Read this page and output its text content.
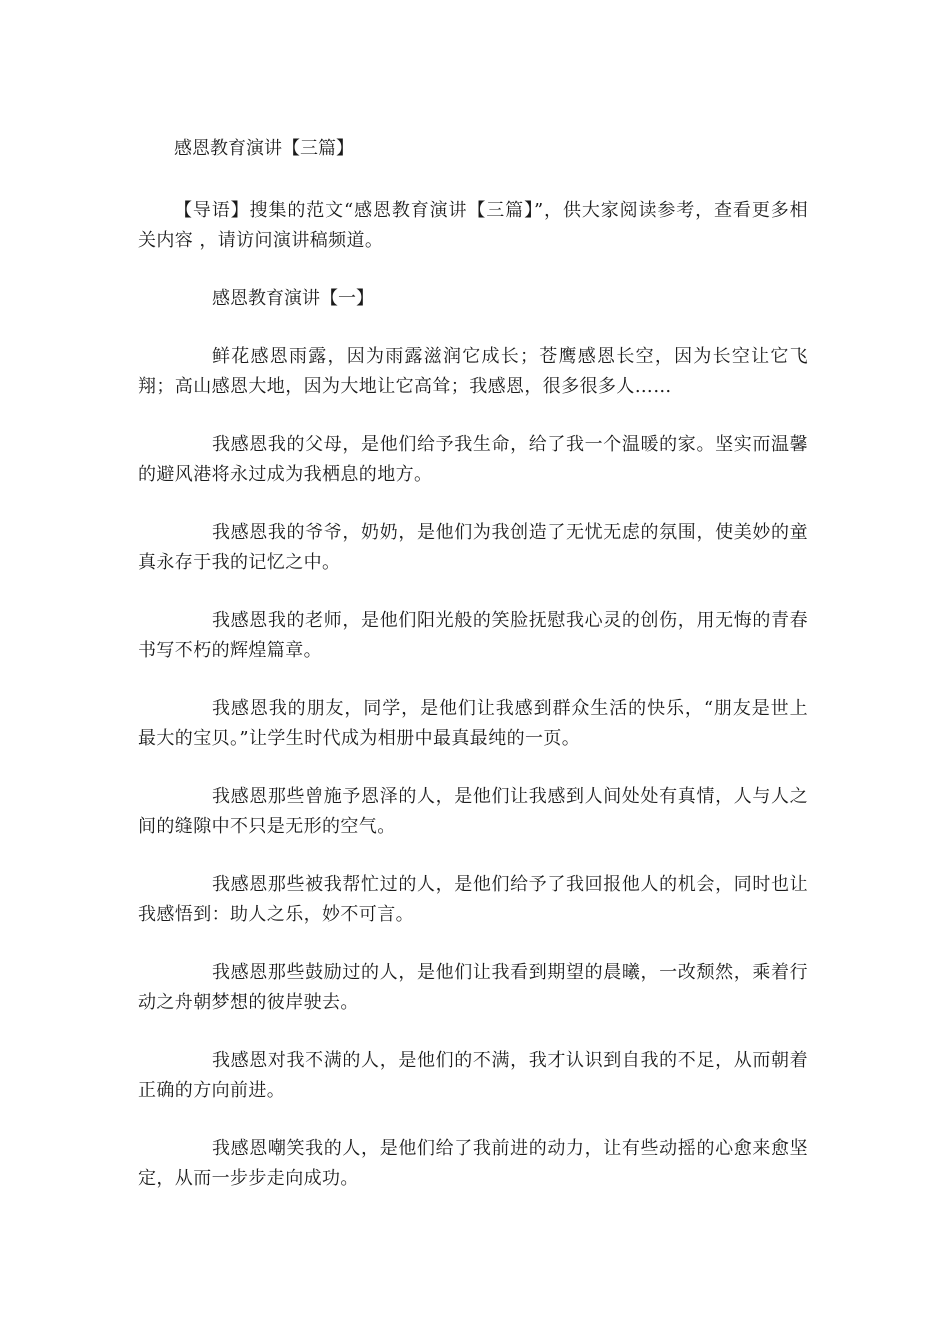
感恩教育演讲【三篇】

【导语】搜集的范文“感恩教育演讲【三篇】”，供大家阅读参考，查看更多相关内容 ，请访问演讲稿频道。

感恩教育演讲【一】

鲜花感恩雨露，因为雨露滋润它成长；苍鹰感恩长空，因为长空让它飞翔；高山感恩大地，因为大地让它高耸；我感恩，很多很多人……

我感恩我的父母，是他们给予我生命，给了我一个温暖的家。坚实而温馨的避风港将永过成为我栖息的地方。

我感恩我的爷爷，奶奶，是他们为我创造了无忧无虑的氛围，使美妙的童真永存于我的记忆之中。

我感恩我的老师，是他们阳光般的笑脸抚慰我心灵的创伤，用无悔的青春书写不朽的辉煌篇章。

我感恩我的朋友，同学，是他们让我感到群众生活的快乐，“朋友是世上最大的宝贝。”让学生时代成为相册中最真最纯的一页。

我感恩那些曾施予恩泽的人，是他们让我感到人间处处有真情，人与人之间的缝隙中不只是无形的空气。

我感恩那些被我帮忙过的人，是他们给予了我回报他人的机会，同时也让我感悟到：助人之乐，妙不可言。

我感恩那些鼓励过的人，是他们让我看到期望的晨曦，一改颓然，乘着行动之舟朝梦想的彼岸驶去。

我感恩对我不满的人，是他们的不满，我才认识到自我的不足，从而朝着正确的方向前进。

我感恩嘲笑我的人，是他们给了我前进的动力，让有些动摇的心愈来愈坚定，从而一步步走向成功。
